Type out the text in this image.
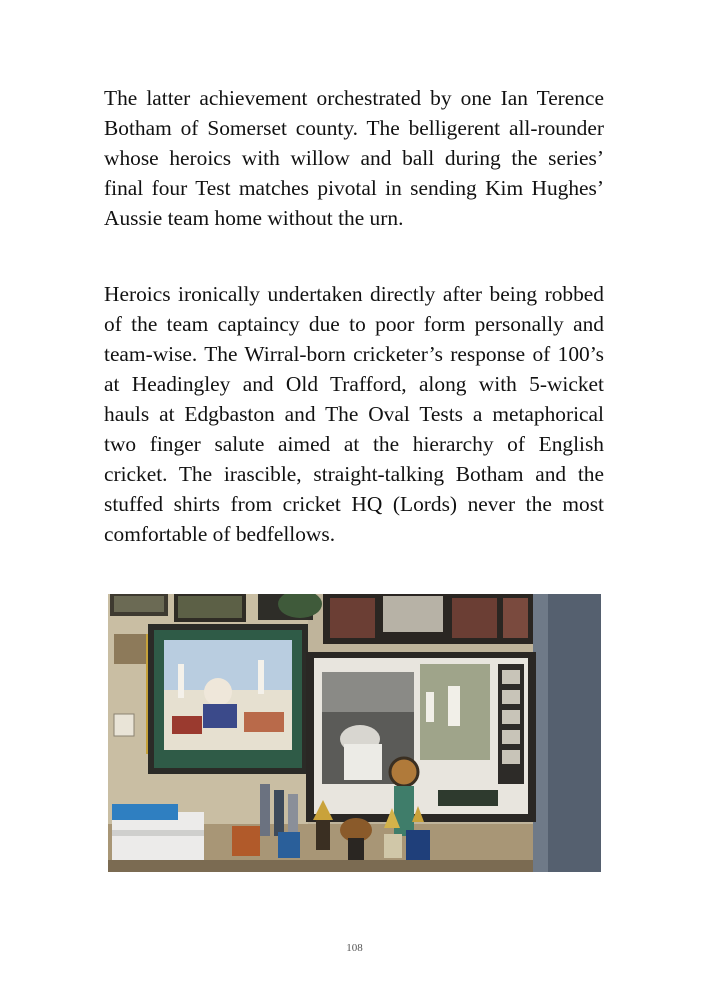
The latter achievement orchestrated by one Ian Terence Botham of Somerset county. The belligerent all-rounder whose heroics with willow and ball during the series’ final four Test matches pivotal in sending Kim Hughes’ Aussie team home without the urn.

Heroics ironically undertaken directly after being robbed of the team captaincy due to poor form personally and team-wise. The Wirral-born cricketer’s response of 100’s at Headingley and Old Trafford, along with 5-wicket hauls at Edgbaston and The Oval Tests a metaphorical two finger salute aimed at the hierarchy of English cricket. The irascible, straight-talking Botham and the stuffed shirts from cricket HQ (Lords) never the most comfortable of bedfellows.

108
